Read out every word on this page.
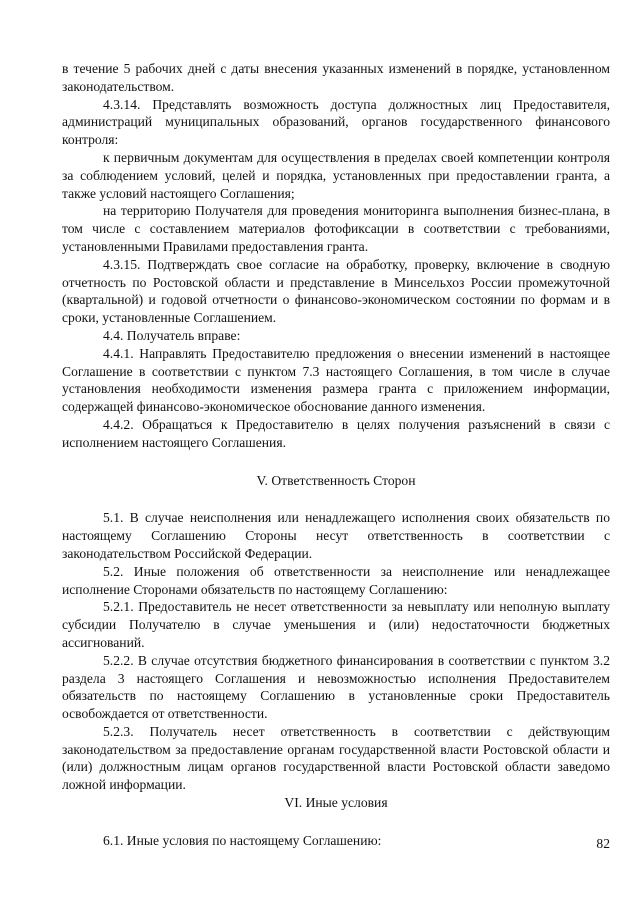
в течение 5 рабочих дней с даты внесения указанных изменений в порядке, установленном законодательством.

4.3.14. Представлять возможность доступа должностных лиц Предоставителя, администраций муниципальных образований, органов государственного финансового контроля:

к первичным документам для осуществления в пределах своей компетенции контроля за соблюдением условий, целей и порядка, установленных при предоставлении гранта, а также условий настоящего Соглашения;

на территорию Получателя для проведения мониторинга выполнения бизнес-плана, в том числе с составлением материалов фотофиксации в соответствии с требованиями, установленными Правилами предоставления гранта.

4.3.15. Подтверждать свое согласие на обработку, проверку, включение в сводную отчетность по Ростовской области и представление в Минсельхоз России промежуточной (квартальной) и годовой отчетности о финансово-экономическом состоянии по формам и в сроки, установленные Соглашением.

4.4. Получатель вправе:

4.4.1. Направлять Предоставителю предложения о внесении изменений в настоящее Соглашение в соответствии с пунктом 7.3 настоящего Соглашения, в том числе в случае установления необходимости изменения размера гранта с приложением информации, содержащей финансово-экономическое обоснование данного изменения.

4.4.2. Обращаться к Предоставителю в целях получения разъяснений в связи с исполнением настоящего Соглашения.

V. Ответственность Сторон

5.1. В случае неисполнения или ненадлежащего исполнения своих обязательств по настоящему Соглашению Стороны несут ответственность в соответствии с законодательством Российской Федерации.

5.2. Иные положения об ответственности за неисполнение или ненадлежащее исполнение Сторонами обязательств по настоящему Соглашению:

5.2.1. Предоставитель не несет ответственности за невыплату или неполную выплату субсидии Получателю в случае уменьшения и (или) недостаточности бюджетных ассигнований.

5.2.2. В случае отсутствия бюджетного финансирования в соответствии с пунктом 3.2 раздела 3 настоящего Соглашения и невозможностью исполнения Предоставителем обязательств по настоящему Соглашению в установленные сроки Предоставитель освобождается от ответственности.

5.2.3. Получатель несет ответственность в соответствии с действующим законодательством за предоставление органам государственной власти Ростовской области и (или) должностным лицам органов государственной власти Ростовской области заведомо ложной информации.

VI. Иные условия

6.1. Иные условия по настоящему Соглашению:	82
